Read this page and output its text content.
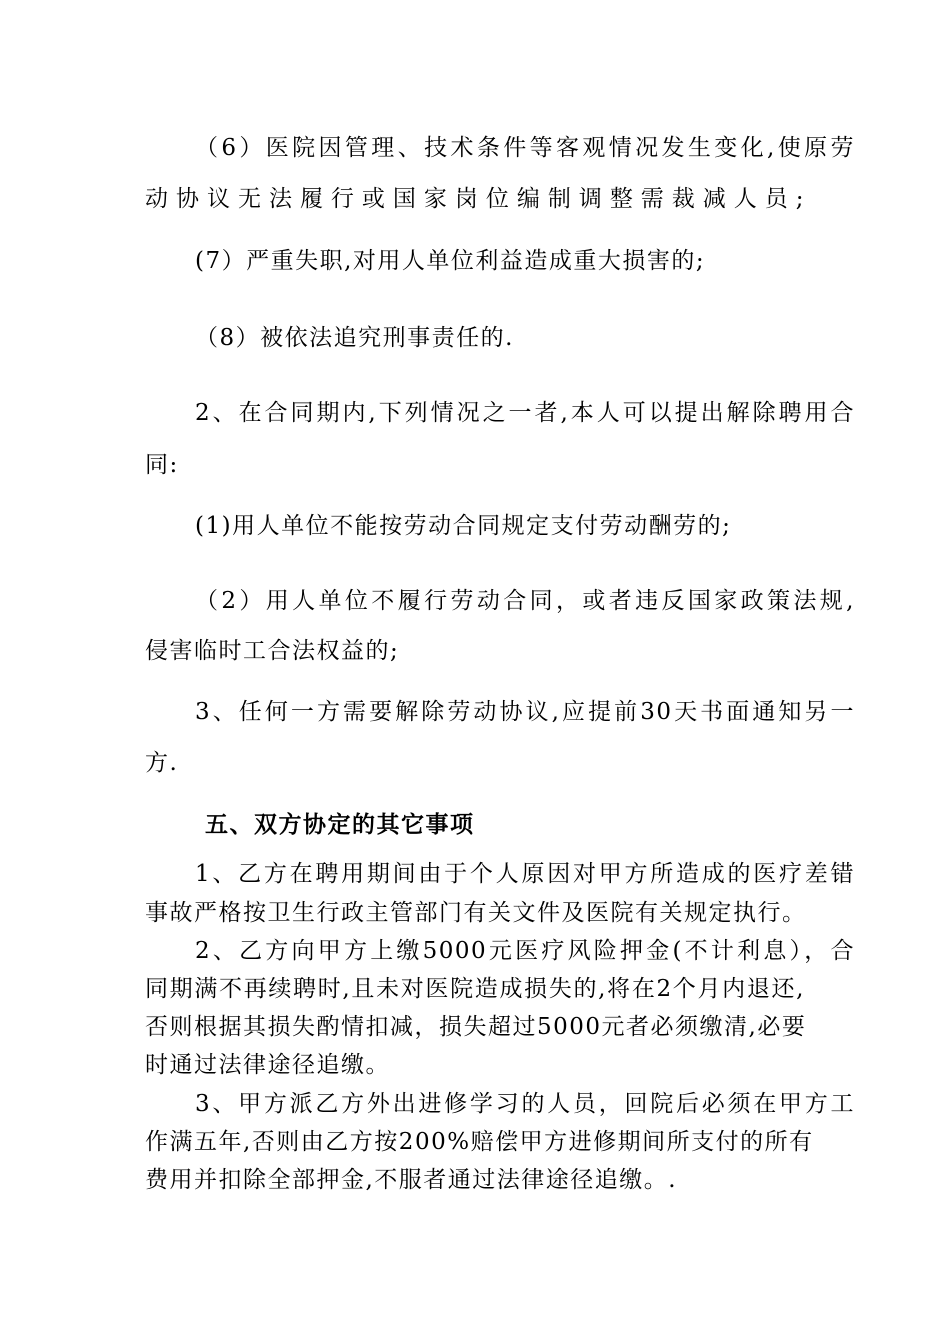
（6）医院因管理、技术条件等客观情况发生变化,使原劳
动协议无法履行或国家岗位编制调整需裁减人员;
(7）严重失职,对用人单位利益造成重大损害的;
（8）被依法追究刑事责任的.
2、在合同期内,下列情况之一者,本人可以提出解除聘用合
同:
(1)用人单位不能按劳动合同规定支付劳动酬劳的;
（2）用人单位不履行劳动合同，或者违反国家政策法规,
侵害临时工合法权益的;
3、任何一方需要解除劳动协议,应提前30天书面通知另一
方.
五、双方协定的其它事项
1、乙方在聘用期间由于个人原因对甲方所造成的医疗差错
事故严格按卫生行政主管部门有关文件及医院有关规定执行。
2、乙方向甲方上缴5000元医疗风险押金(不计利息），合
同期满不再续聘时,且未对医院造成损失的,将在2个月内退还,
否则根据其损失酌情扣减，损失超过5000元者必须缴清,必要
时通过法律途径追缴。
3、甲方派乙方外出进修学习的人员，回院后必须在甲方工
作满五年,否则由乙方按200%赔偿甲方进修期间所支付的所有
费用并扣除全部押金,不服者通过法律途径追缴。.
